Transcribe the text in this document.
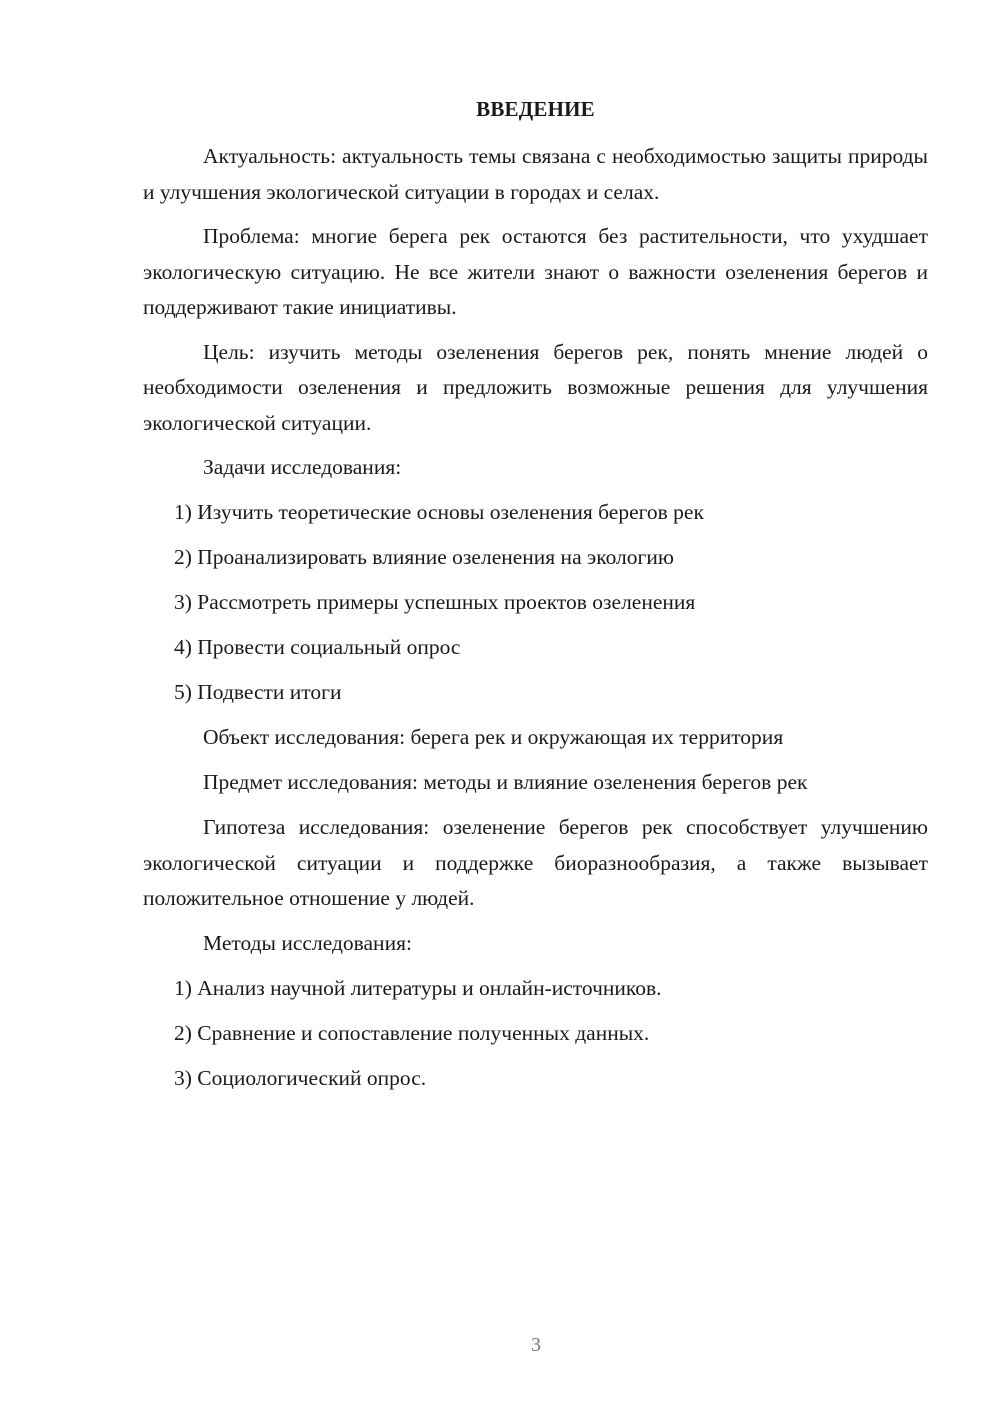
ВВЕДЕНИЕ

Актуальность: актуальность темы связана с необходимостью защиты природы и улучшения экологической ситуации в городах и селах.

Проблема: многие берега рек остаются без растительности, что ухудшает экологическую ситуацию. Не все жители знают о важности озеленения берегов и поддерживают такие инициативы.

Цель: изучить методы озеленения берегов рек, понять мнение людей о необходимости озеленения и предложить возможные решения для улучшения экологической ситуации.

Задачи исследования:
1) Изучить теоретические основы озеленения берегов рек
2) Проанализировать влияние озеленения на экологию
3) Рассмотреть примеры успешных проектов озеленения
4) Провести социальный опрос
5) Подвести итоги
Объект исследования: берега рек и окружающая их территория
Предмет исследования: методы и влияние озеленения берегов рек

Гипотеза исследования: озеленение берегов рек способствует улучшению экологической ситуации и поддержке биоразнообразия, а также вызывает положительное отношение у людей.

Методы исследования:
1) Анализ научной литературы и онлайн-источников.
2) Сравнение и сопоставление полученных данных.
3) Социологический опрос.
3
